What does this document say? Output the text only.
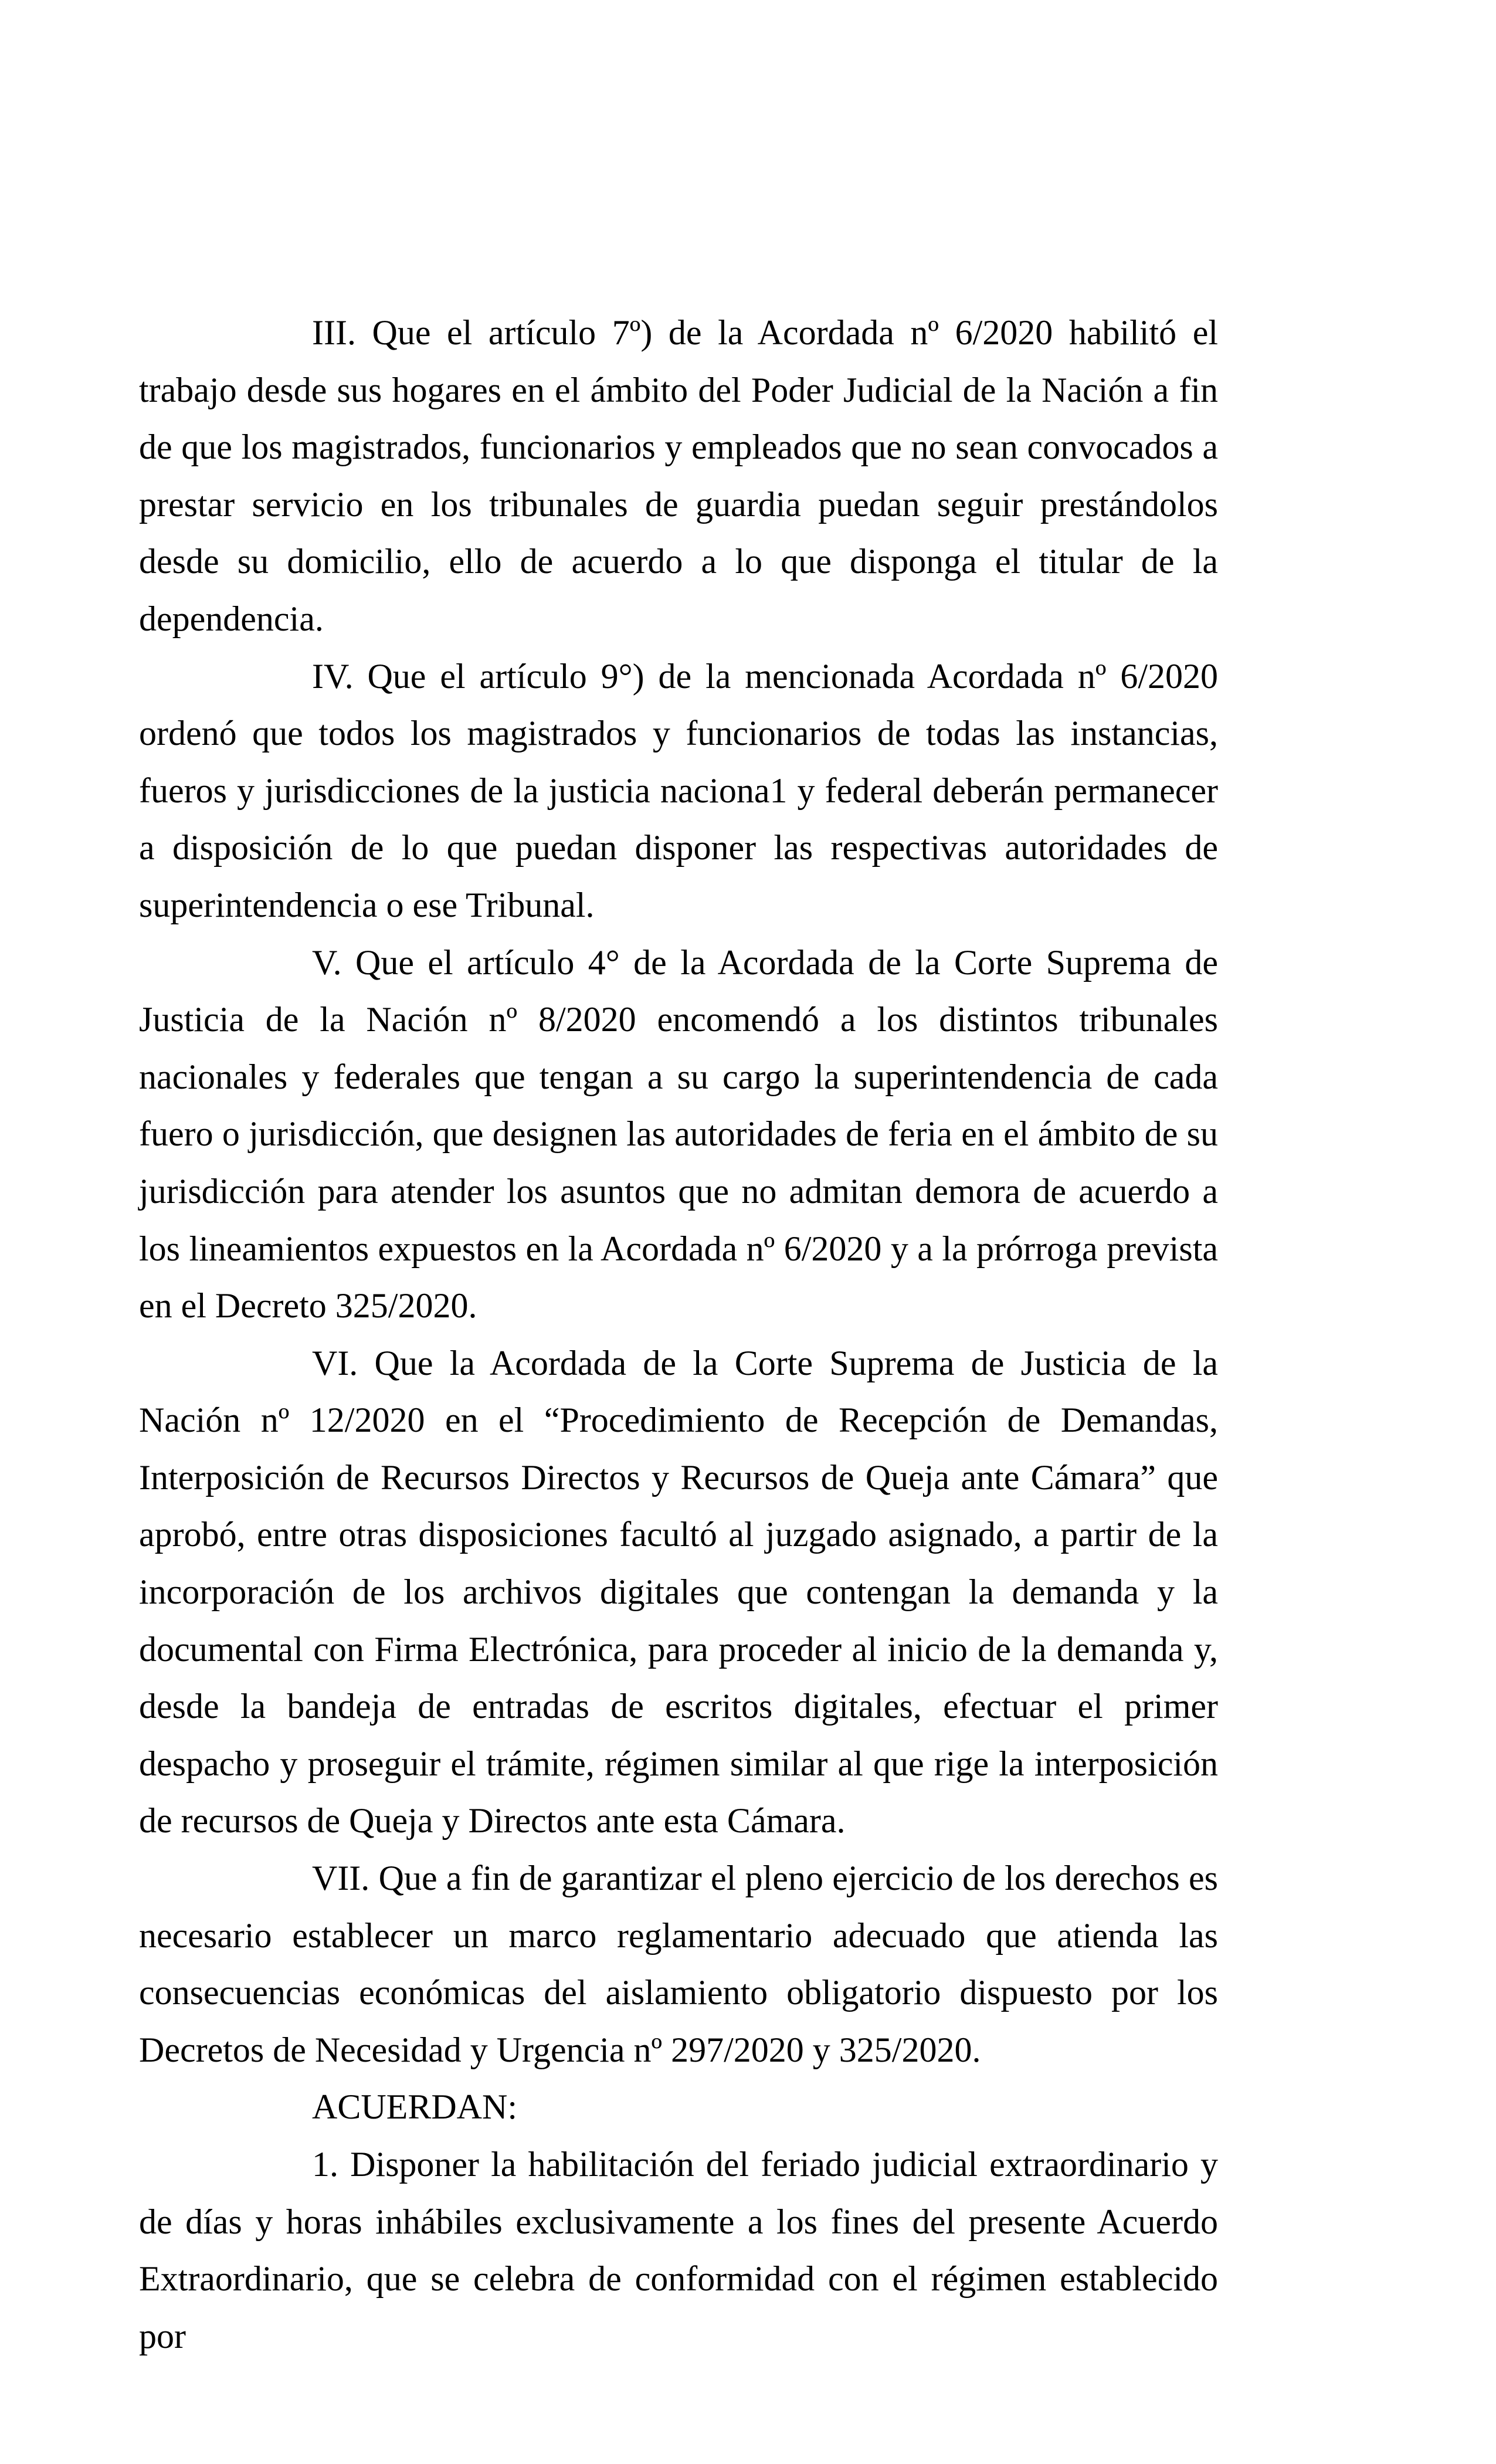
III. Que el artículo 7º) de la Acordada nº 6/2020 habilitó el trabajo desde sus hogares en el ámbito del Poder Judicial de la Nación a fin de que los magistrados, funcionarios y empleados que no sean convocados a prestar servicio en los tribunales de guardia puedan seguir prestándolos desde su domicilio, ello de acuerdo a lo que disponga el titular de la dependencia.

IV. Que el artículo 9°) de la mencionada Acordada nº 6/2020 ordenó que todos los magistrados y funcionarios de todas las instancias, fueros y jurisdicciones de la justicia naciona1 y federal deberán permanecer a disposición de lo que puedan disponer las respectivas autoridades de superintendencia o ese Tribunal.

V. Que el artículo 4° de la Acordada de la Corte Suprema de Justicia de la Nación nº 8/2020 encomendó a los distintos tribunales nacionales y federales que tengan a su cargo la superintendencia de cada fuero o jurisdicción, que designen las autoridades de feria en el ámbito de su jurisdicción para atender los asuntos que no admitan demora de acuerdo a los lineamientos expuestos en la Acordada nº 6/2020 y a la prórroga prevista en el Decreto 325/2020.

VI. Que la Acordada de la Corte Suprema de Justicia de la Nación nº 12/2020 en el “Procedimiento de Recepción de Demandas, Interposición de Recursos Directos y Recursos de Queja ante Cámara” que aprobó, entre otras disposiciones facultó al juzgado asignado, a partir de la incorporación de los archivos digitales que contengan la demanda y la documental con Firma Electrónica, para proceder al inicio de la demanda y, desde la bandeja de entradas de escritos digitales, efectuar el primer despacho y proseguir el trámite, régimen similar al que rige la interposición de recursos de Queja y Directos ante esta Cámara.

VII. Que a fin de garantizar el pleno ejercicio de los derechos es necesario establecer un marco reglamentario adecuado que atienda las consecuencias económicas del aislamiento obligatorio dispuesto por los Decretos de Necesidad y Urgencia nº 297/2020 y 325/2020.

ACUERDAN:

1. Disponer la habilitación del feriado judicial extraordinario y de días y horas inhábiles exclusivamente a los fines del presente Acuerdo Extraordinario, que se celebra de conformidad con el régimen establecido por
